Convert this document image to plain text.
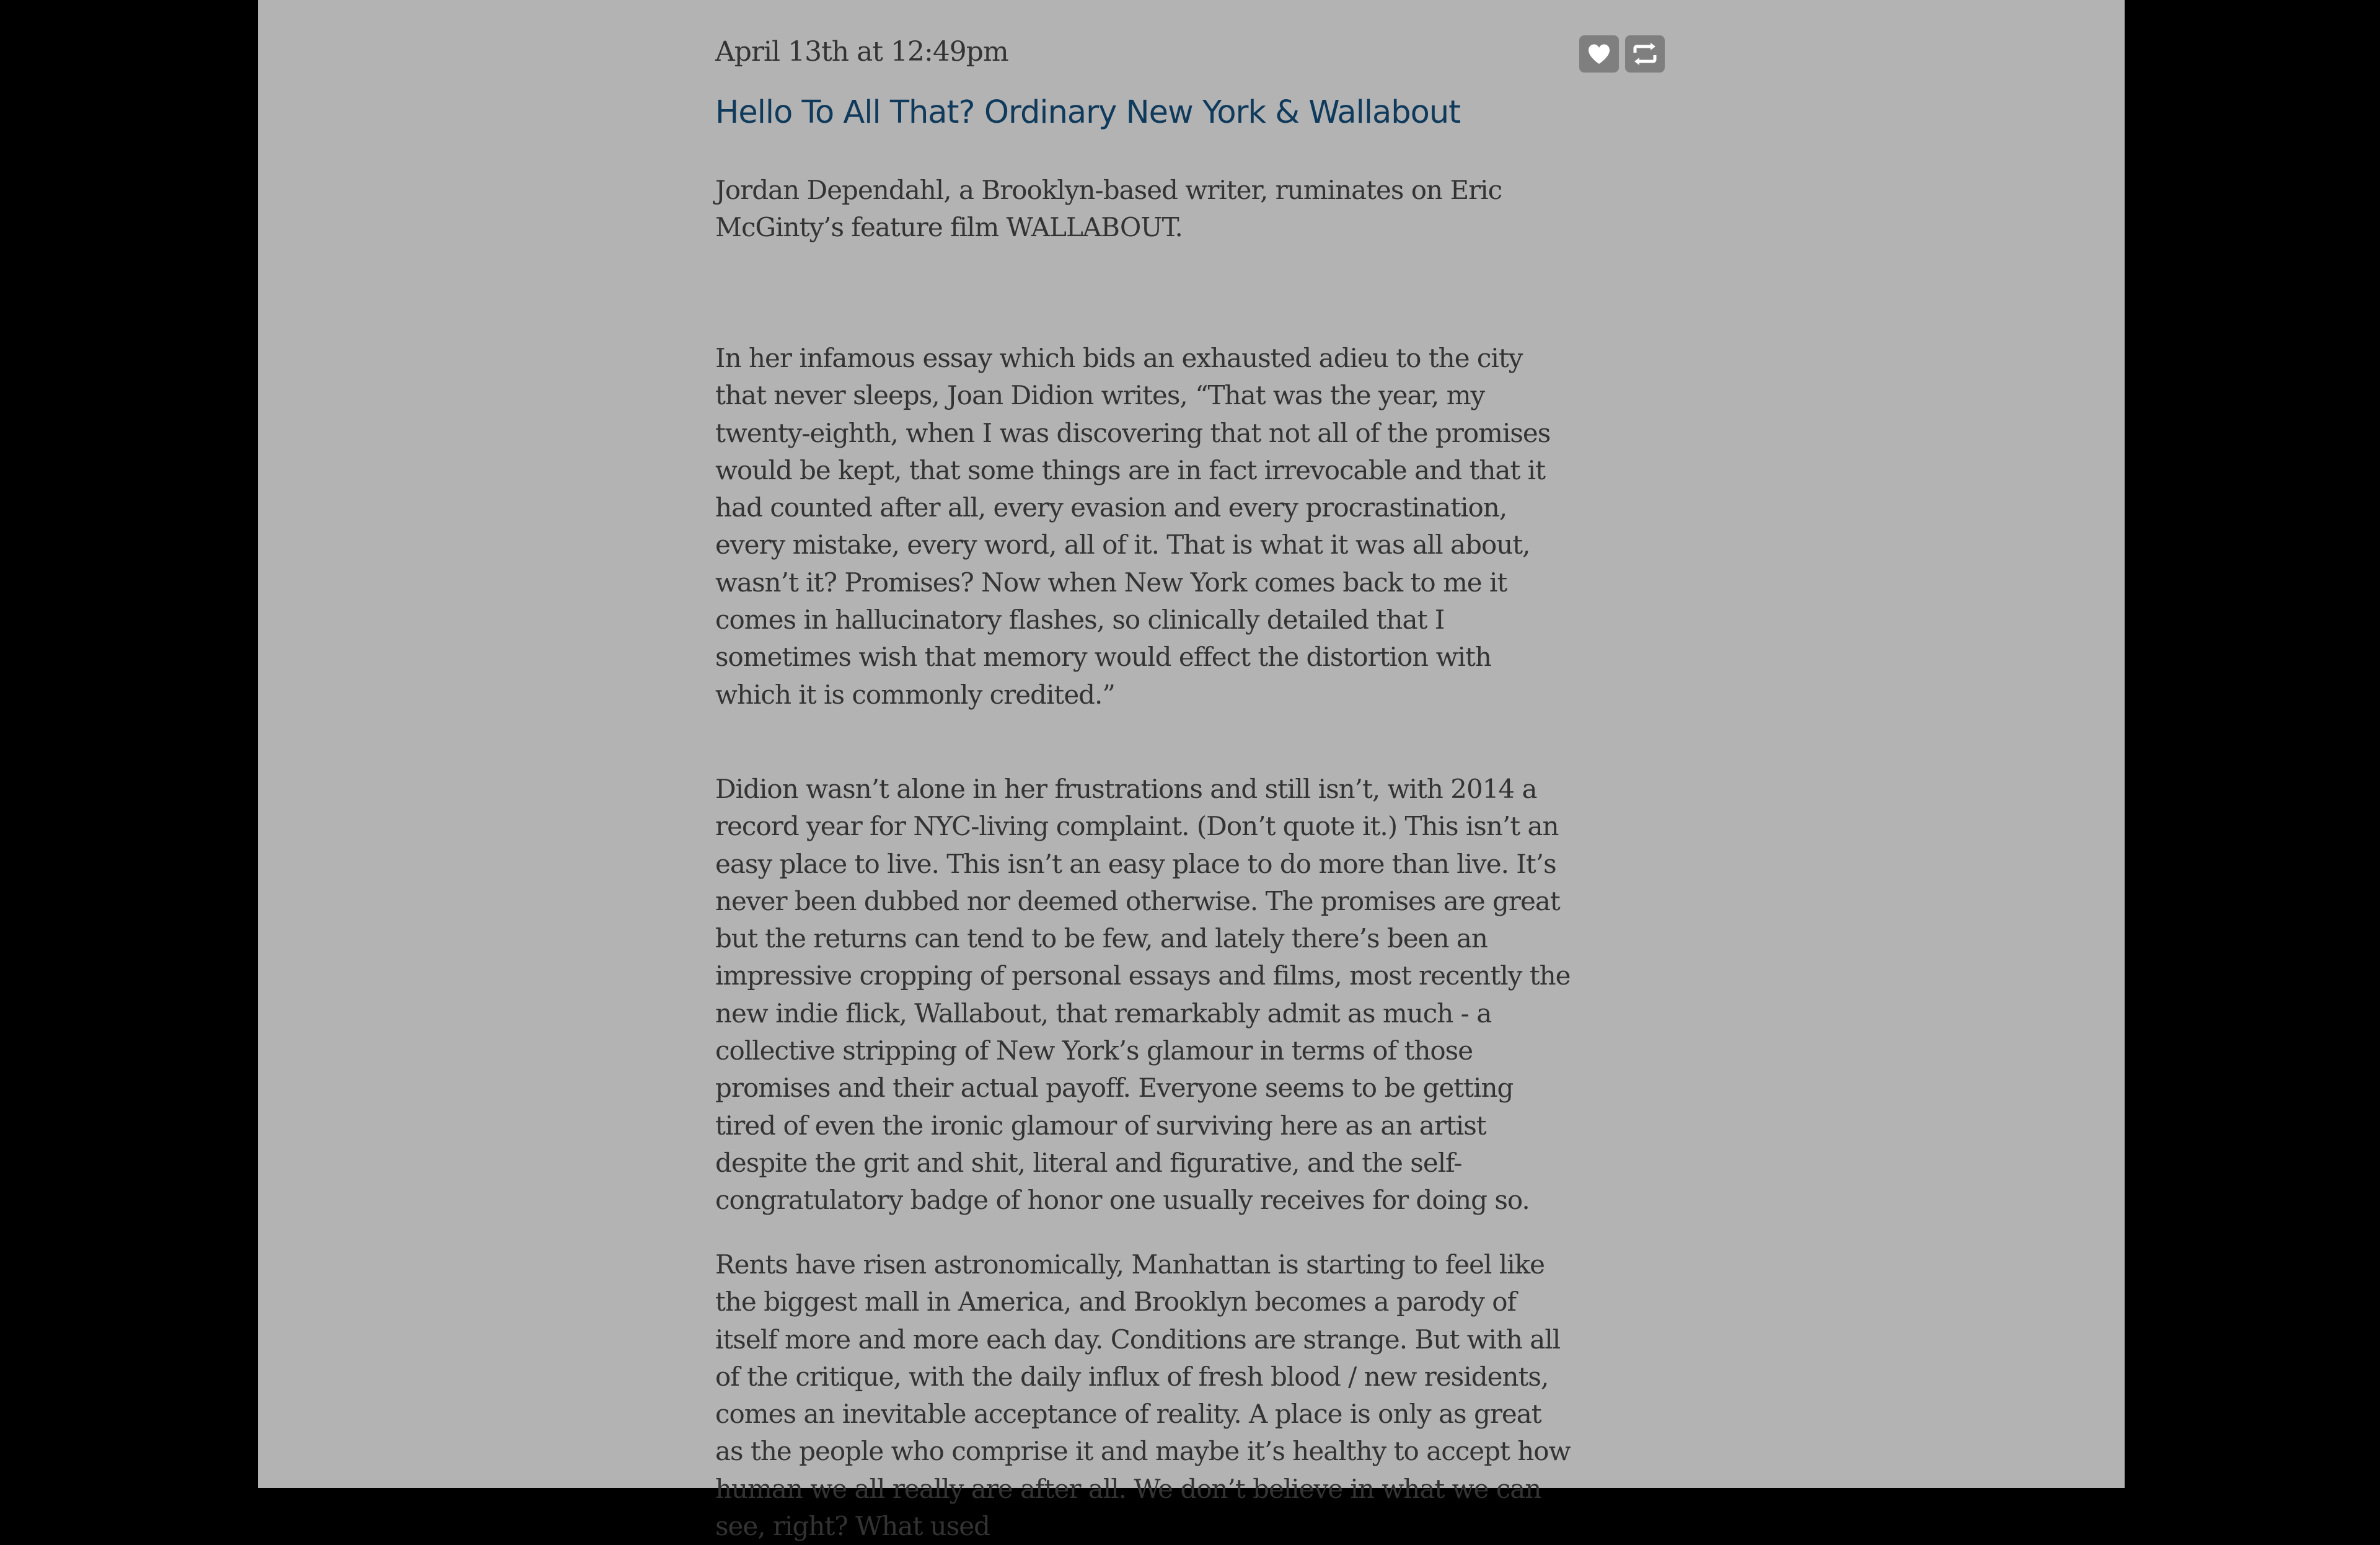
April 13th at 12:49pm
Hello To All That? Ordinary New York & Wallabout

Jordan Dependahl, a Brooklyn-based writer, ruminates on Eric McGinty’s feature film WALLABOUT.

In her infamous essay which bids an exhausted adieu to the city that never sleeps, Joan Didion writes, “That was the year, my twenty-eighth, when I was discovering that not all of the promises would be kept, that some things are in fact irrevocable and that it had counted after all, every evasion and every procrastination, every mistake, every word, all of it. That is what it was all about, wasn’t it? Promises? Now when New York comes back to me it comes in hallucinatory flashes, so clinically detailed that I sometimes wish that memory would effect the distortion with which it is commonly credited.”

Didion wasn’t alone in her frustrations and still isn’t, with 2014 a record year for NYC-living complaint. (Don’t quote it.) This isn’t an easy place to live. This isn’t an easy place to do more than live. It’s never been dubbed nor deemed otherwise. The promises are great but the returns can tend to be few, and lately there’s been an impressive cropping of personal essays and films, most recently the new indie flick, Wallabout, that remarkably admit as much - a collective stripping of New York’s glamour in terms of those promises and their actual payoff. Everyone seems to be getting tired of even the ironic glamour of surviving here as an artist despite the grit and shit, literal and figurative, and the self-congratulatory badge of honor one usually receives for doing so.

Rents have risen astronomically, Manhattan is starting to feel like the biggest mall in America, and Brooklyn becomes a parody of itself more and more each day. Conditions are strange. But with all of the critique, with the daily influx of fresh blood / new residents, comes an inevitable acceptance of reality. A place is only as great as the people who comprise it and maybe it’s healthy to accept how human we all really are after all. We don’t believe in what we can see, right? What used
